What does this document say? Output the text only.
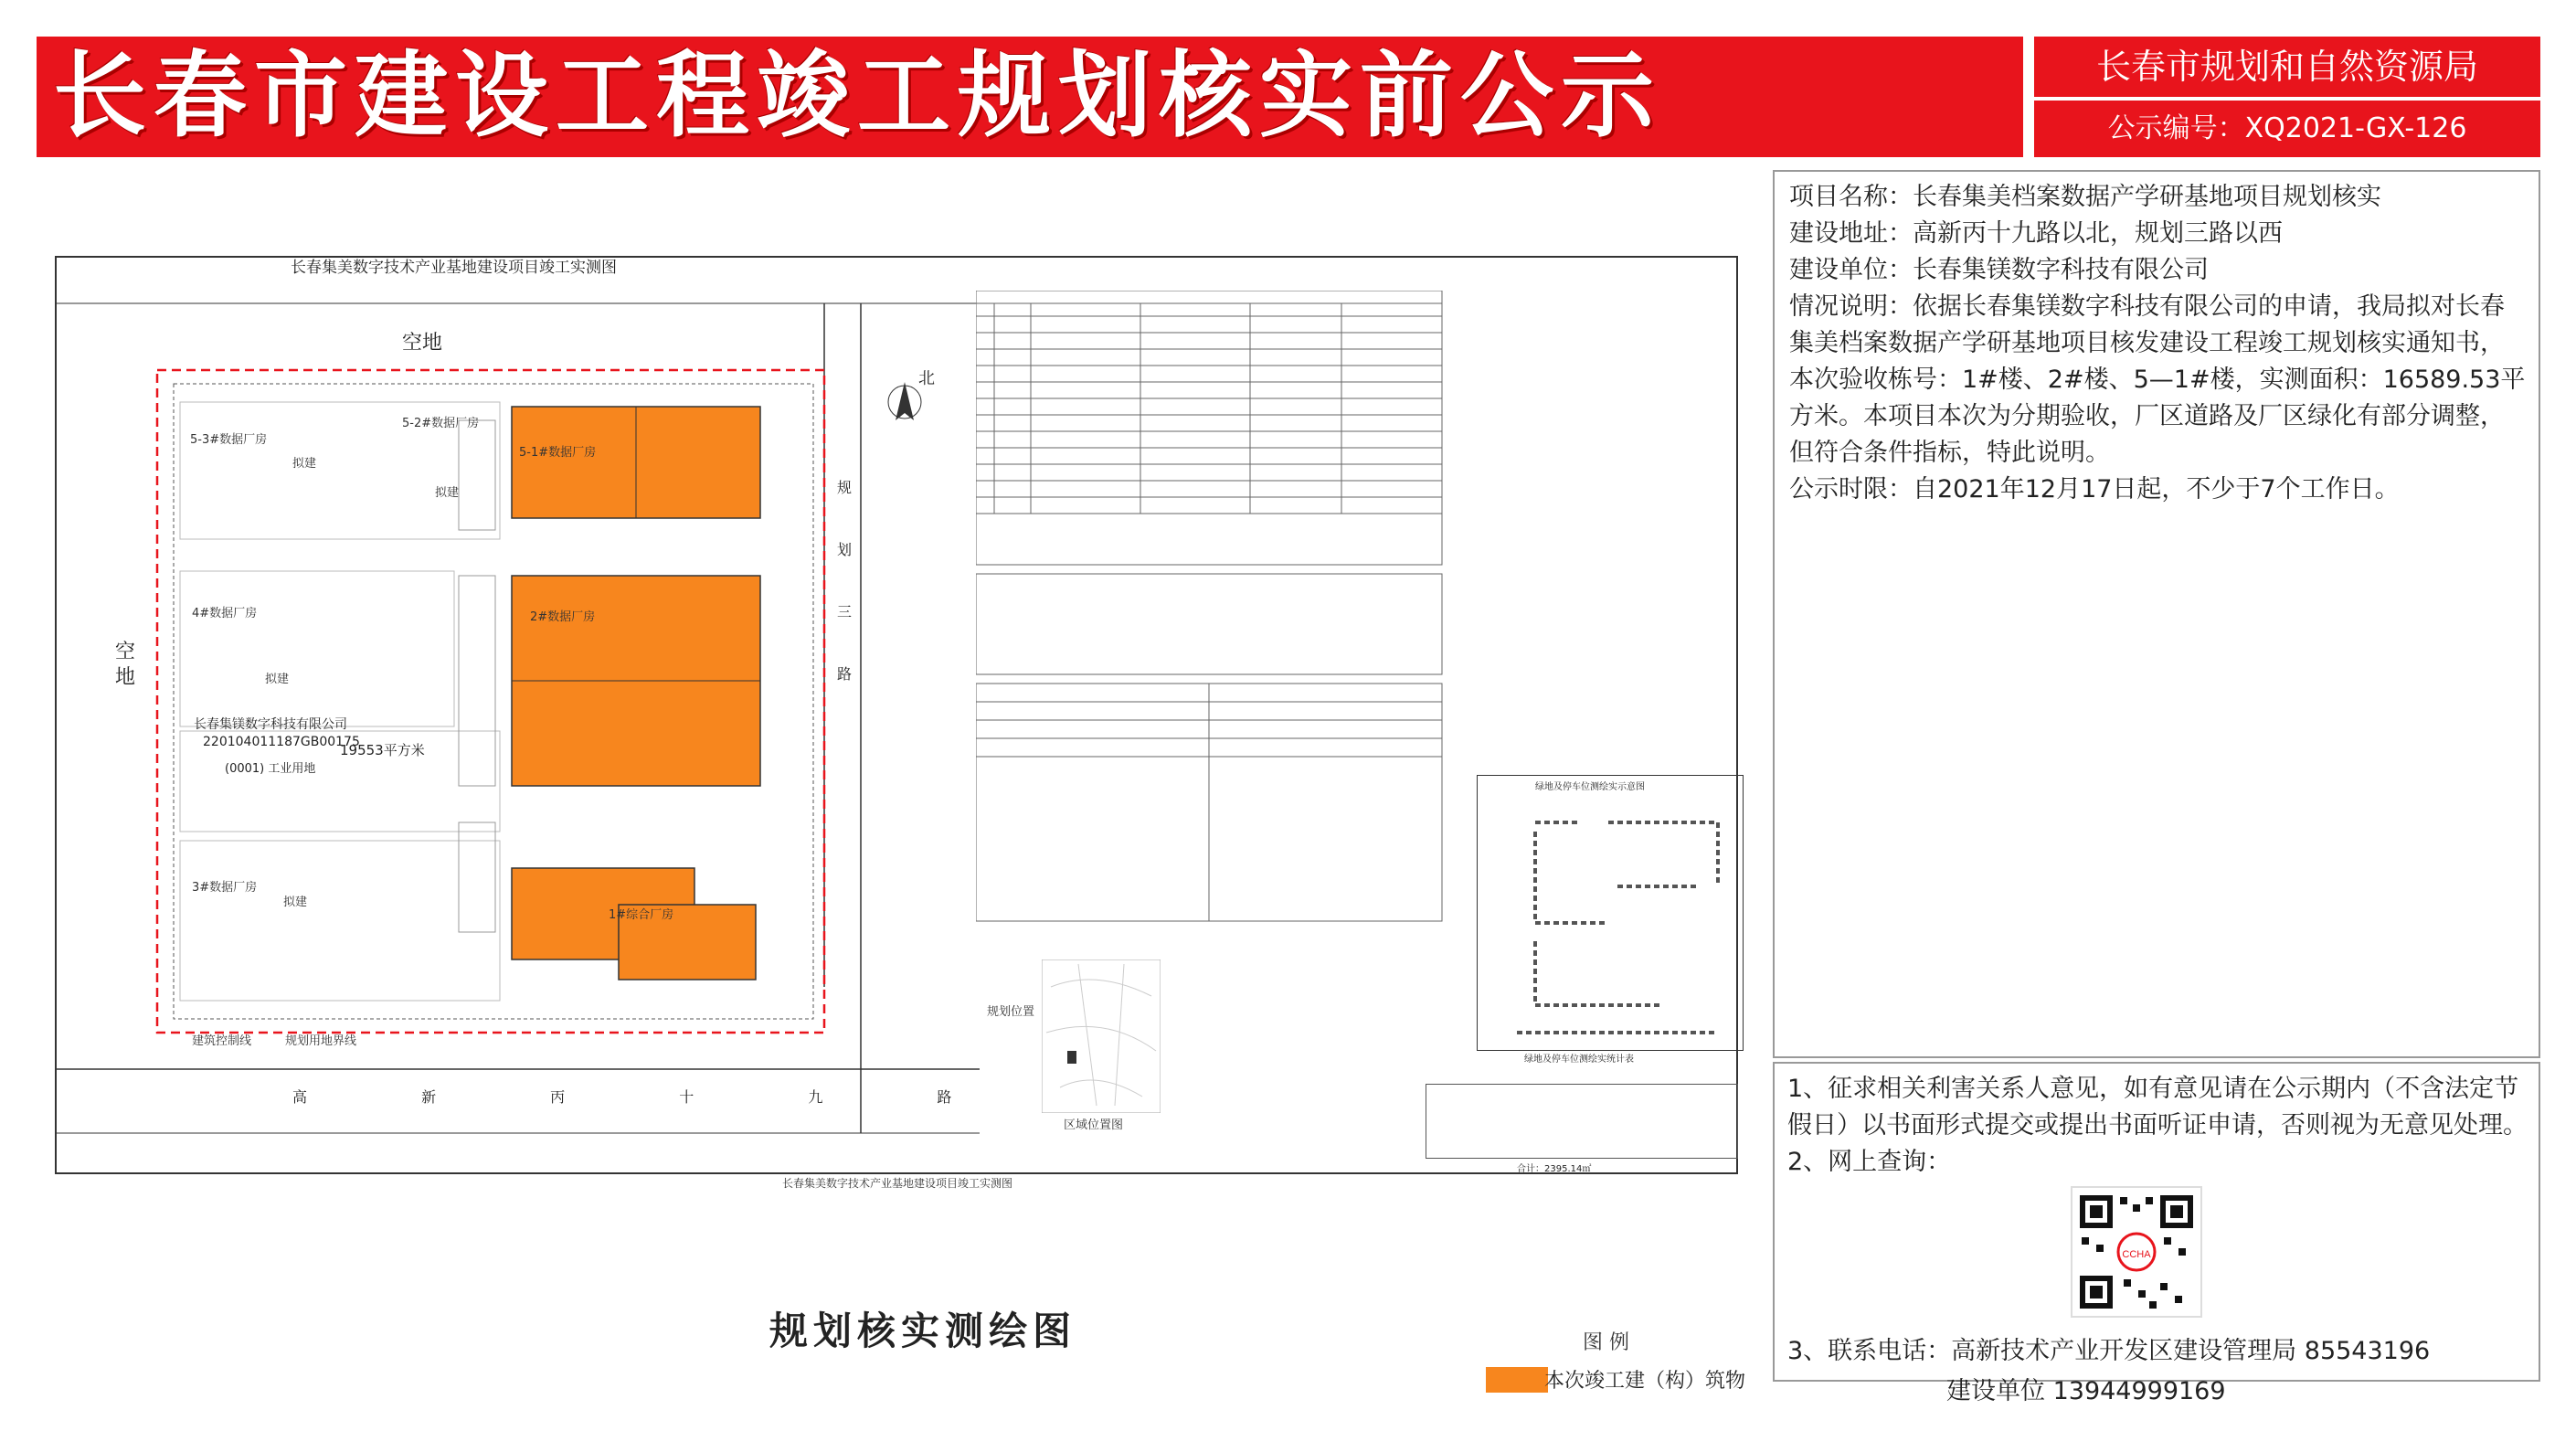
长春市建设工程竣工规划核实前公示	长春市规划和自然资源局
公示编号：XQ2021-GX-126
长春集美数字技术产业基地建设项目竣工实测图
空地
空地
规 划 三 路
高 新 丙 十 九 路
北
5-3#数据厂房
5-2#数据厂房
4#数据厂房
3#数据厂房
5-1#数据厂房
2#数据厂房
1#综合厂房
拟建
拟建
拟建
拟建
长春集镁数字科技有限公司
220104011187GB00175
(0001) 工业用地
19553平方米
建筑控制线	规划用地界线
规划位置
区域位置图
绿地及停车位测绘实示意图
绿地及停车位测绘实统计表
合计：2395.14㎡
长春集美数字技术产业基地建设项目竣工实测图
规划核实测绘图	图 例
本次竣工建（构）筑物

项目名称：长春集美档案数据产学研基地项目规划核实

建设地址：高新丙十九路以北，规划三路以西

建设单位：长春集镁数字科技有限公司

情况说明：依据长春集镁数字科技有限公司的申请，我局拟对长春集美档案数据产学研基地项目核发建设工程竣工规划核实通知书，本次验收栋号：1#楼、2#楼、5—1#楼，实测面积：16589.53平方米。本项目本次为分期验收，厂区道路及厂区绿化有部分调整，但符合条件指标，特此说明。

公示时限：自2021年12月17日起，不少于7个工作日。

1、征求相关利害关系人意见，如有意见请在公示期内（不含法定节假日）以书面形式提交或提出书面听证申请，否则视为无意见处理。

2、网上查询：

CCHA
3、联系电话：高新技术产业开发区建设管理局 85543196
建设单位 13944999169
